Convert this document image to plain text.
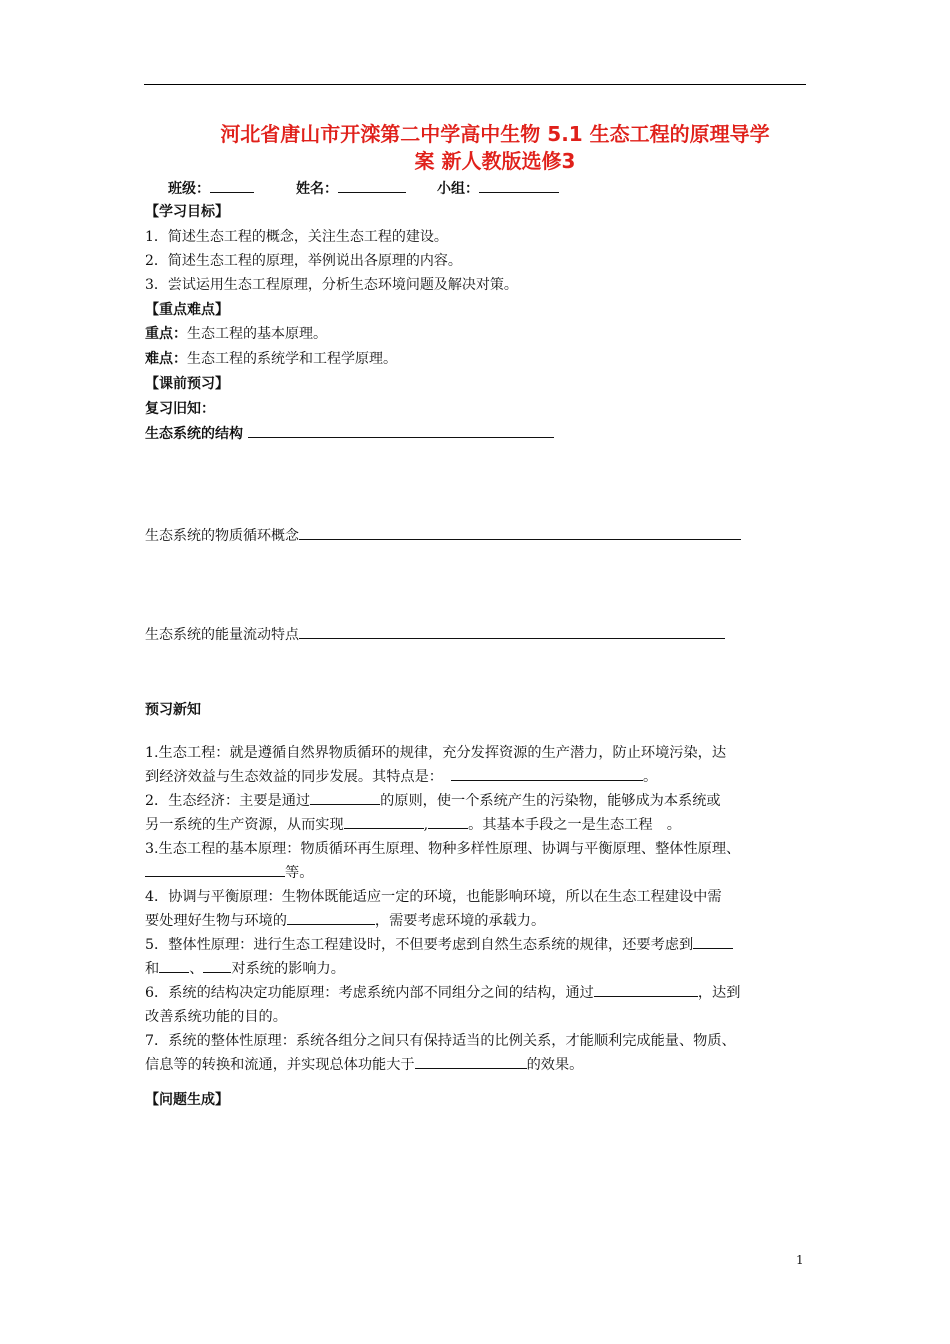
河北省唐山市开滦第二中学高中生物 5.1 生态工程的原理导学
案 新人教版选修3
班级：	姓名：	小组：
【学习目标】
1．简述生态工程的概念，关注生态工程的建设。
2．简述生态工程的原理，举例说出各原理的内容。
3．尝试运用生态工程原理，分析生态环境问题及解决对策。
【重点难点】
重点：生态工程的基本原理。
难点：生态工程的系统学和工程学原理。
【课前预习】
复习旧知：
生态系统的结构
生态系统的物质循环概念
生态系统的能量流动特点
预习新知
1.生态工程：就是遵循自然界物质循环的规律，充分发挥资源的生产潜力，防止环境污染，达
到经济效益与生态效益的同步发展。其特点是：	。
2．生态经济：主要是通过	的原则，使一个系统产生的污染物，能够成为本系统或
另一系统的生产资源，从而实现	,	。其基本手段之一是生态工程　。
3.生态工程的基本原理：物质循环再生原理、物种多样性原理、协调与平衡原理、整体性原理、
等。
4．协调与平衡原理：生物体既能适应一定的环境，也能影响环境，所以在生态工程建设中需
要处理好生物与环境的	，需要考虑环境的承载力。
5．整体性原理：进行生态工程建设时，不但要考虑到自然生态系统的规律，还要考虑到
和 、 对系统的影响力。
6．系统的结构决定功能原理：考虑系统内部不同组分之间的结构，通过	，达到
改善系统功能的目的。
7．系统的整体性原理：系统各组分之间只有保持适当的比例关系，才能顺利完成能量、物质、
信息等的转换和流通，并实现总体功能大于	的效果。
【问题生成】
1
